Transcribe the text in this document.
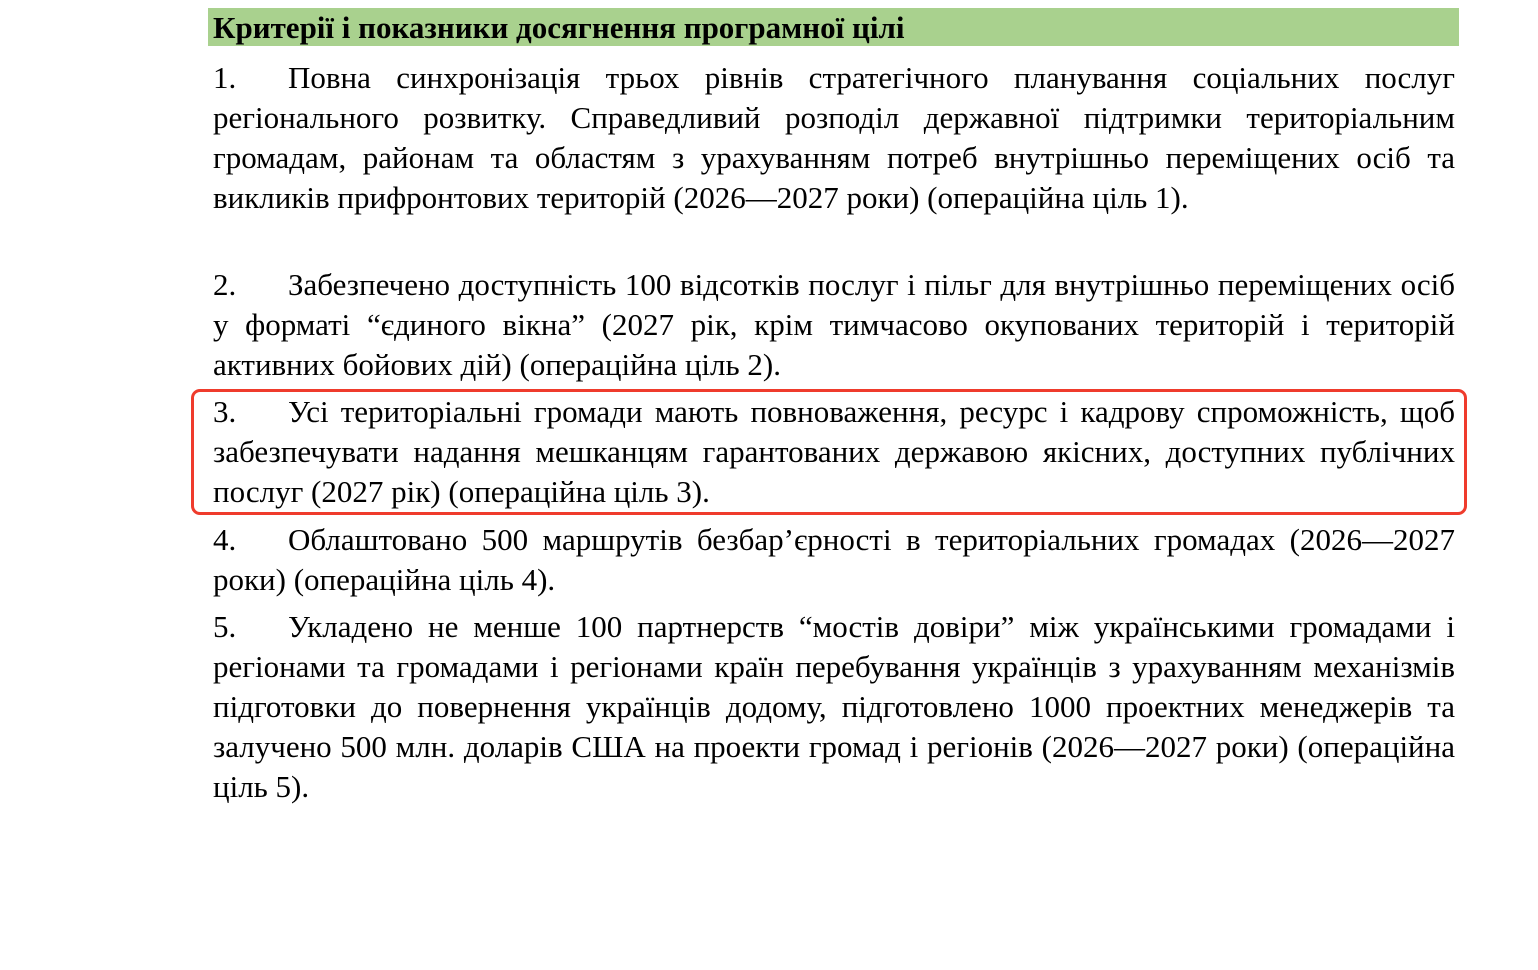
Критерії і показники досягнення програмної цілі

1. Повна синхронізація трьох рівнів стратегічного планування соціальних послуг регіонального розвитку. Справедливий розподіл державної підтримки територіальним громадам, районам та областям з урахуванням потреб внутрішньо переміщених осіб та викликів прифронтових територій (2026—2027 роки) (операційна ціль 1).

2. Забезпечено доступність 100 відсотків послуг і пільг для внутрішньо переміщених осіб у форматі “єдиного вікна” (2027 рік, крім тимчасово окупованих територій і територій активних бойових дій) (операційна ціль 2).

3. Усі територіальні громади мають повноваження, ресурс і кадрову спроможність, щоб забезпечувати надання мешканцям гарантованих державою якісних, доступних публічних послуг (2027 рік) (операційна ціль 3).

4. Облаштовано 500 маршрутів безбар’єрності в територіальних громадах (2026—2027 роки) (операційна ціль 4).

5. Укладено не менше 100 партнерств “мостів довіри” між українськими громадами і регіонами та громадами і регіонами країн перебування українців з урахуванням механізмів підготовки до повернення українців додому, підготовлено 1000 проектних менеджерів та залучено 500 млн. доларів США на проекти громад і регіонів (2026—2027 роки) (операційна ціль 5).
